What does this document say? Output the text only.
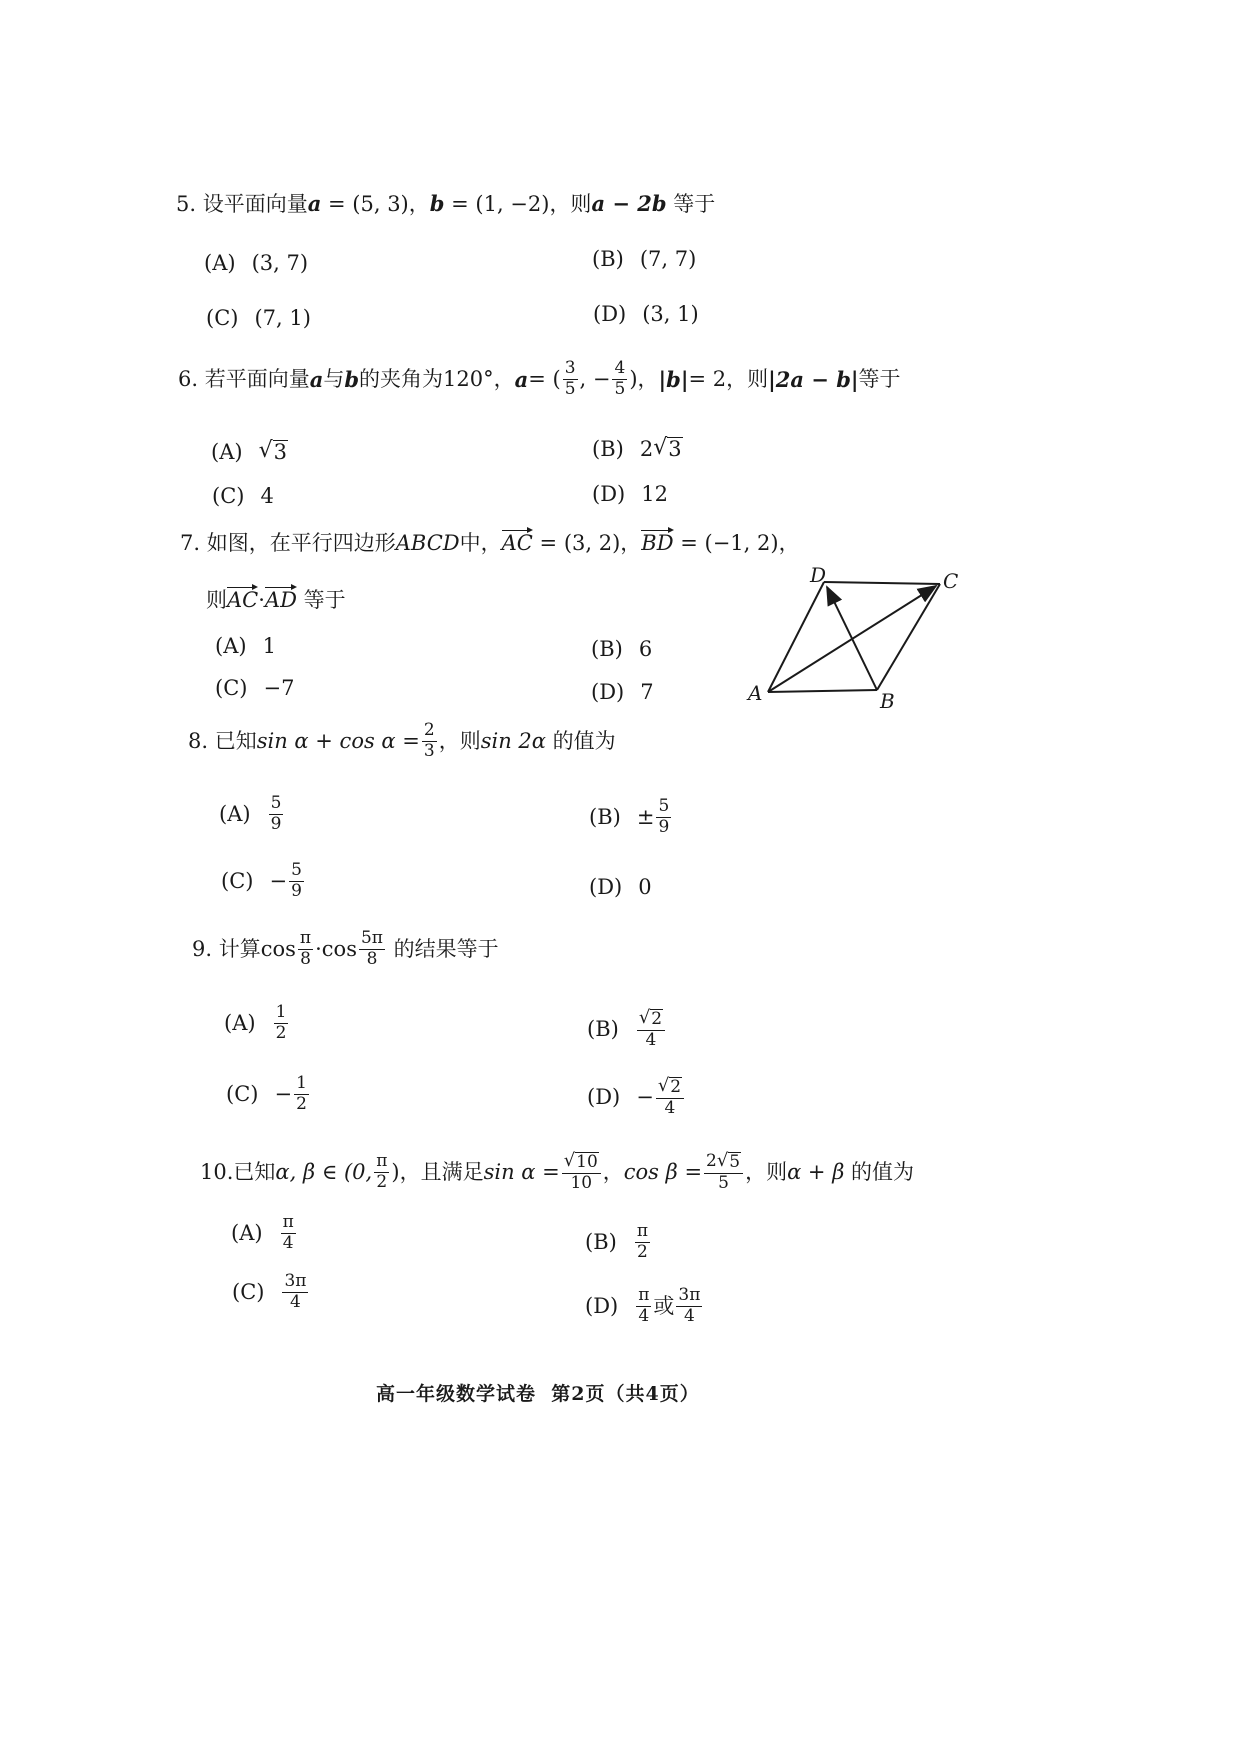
5. 设平面向量a = (5, 3)，b = (1, −2)，则a − 2b 等于
(A) (3, 7)	(B) (7, 7)
(C) (7, 1)	(D) (3, 1)
6.
若平面向量 a 与 b 的夹角为120°， a = ( $\frac{3}{5}$ , − $\frac{4}{5}$ )， |b| = 2，则 |2a − b| 等于
(A) √ 3	(B) 2 √ 3
(C) 4	(D) 12
7. 如图，在平行四边形ABCD中，AC = (3, 2)，BD = (−1, 2)，
则AC·AD 等于
(A) 1	(B) 6
(C) −7	(D) 7	A	B
C
D
8.
已知 $\sin \alpha + \cos \alpha = \frac{2}{3}$ ，则 sin 2α
的值为
$(A) \frac{5}{9}$	$(B) \pm \frac{5}{9}$
$(C) - \frac{5}{9}$	(D) 0
9.
计算 $\cos \frac{\pi}{8} \cdot \cos \frac{5\pi}{8}$
的结果等于
$(A) \frac{1}{2}$	$(B) \frac{√ 2}{4}$
$(C) - \frac{1}{2}$	$(D) - \frac{√ 2}{4}$
10. 已知 α, β ∈ (0, $\frac{\pi}{2}$ )，且满足 $\sin \alpha = \frac{√ 10}{10}$ ， $\cos \beta = \frac{2 √ 5}{5}$ ，则 α + β
的值为
$(A) \frac{\pi}{4}$	$(B) \frac{\pi}{2}$
$(C) \frac{3\pi}{4}$	$(D) \frac{\pi}{4}$ 或 $\frac{3\pi}{4}$
高一年级数学试卷 第2页（共4页）
